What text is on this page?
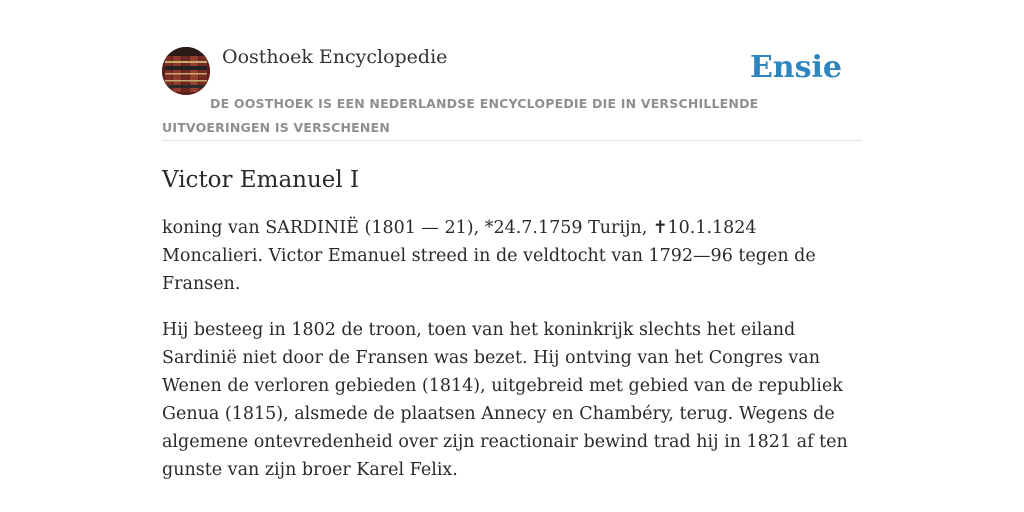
Oosthoek Encyclopedie	Ensie
DE OOSTHOEK IS EEN NEDERLANDSE ENCYCLOPEDIE DIE IN VERSCHILLENDE UITVOERINGEN IS VERSCHENEN
Victor Emanuel I

koning van SARDINIË (1801 — 21), *24.7.1759 Turijn, ✝10.1.1824 Moncalieri. Victor Emanuel streed in de veldtocht van 1792—96 tegen de Fransen.

Hij besteeg in 1802 de troon, toen van het koninkrijk slechts het eiland Sardinië niet door de Fransen was bezet. Hij ontving van het Congres van Wenen de verloren gebieden (1814), uitgebreid met gebied van de republiek Genua (1815), alsmede de plaatsen Annecy en Chambéry, terug. Wegens de algemene ontevredenheid over zijn reactionair bewind trad hij in 1821 af ten gunste van zijn broer Karel Felix.
